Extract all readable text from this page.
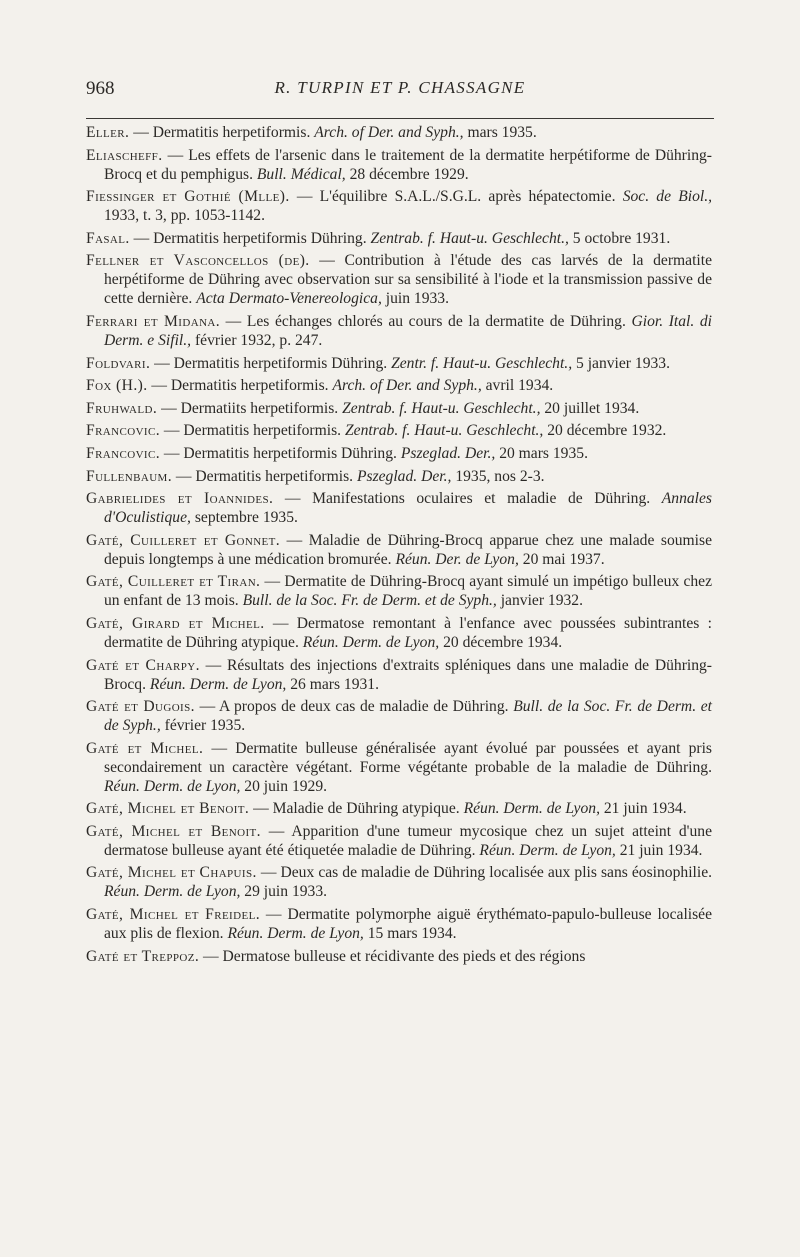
968	R. TURPIN ET P. CHASSAGNE

Eller. — Dermatitis herpetiformis. Arch. of Der. and Syph., mars 1935.

Eliascheff. — Les effets de l'arsenic dans le traitement de la dermatite herpétiforme de Dühring-Brocq et du pemphigus. Bull. Médical, 28 décembre 1929.

Fiessinger et Gothié (Mlle). — L'équilibre S.A.L./S.G.L. après hépatectomie. Soc. de Biol., 1933, t. 3, pp. 1053-1142.

Fasal. — Dermatitis herpetiformis Dühring. Zentrab. f. Haut-u. Geschlecht., 5 octobre 1931.

Fellner et Vasconcellos (de). — Contribution à l'étude des cas larvés de la dermatite herpétiforme de Dühring avec observation sur sa sensibilité à l'iode et la transmission passive de cette dernière. Acta Dermato-Venereologica, juin 1933.

Ferrari et Midana. — Les échanges chlorés au cours de la dermatite de Dühring. Gior. Ital. di Derm. e Sifil., février 1932, p. 247.

Foldvari. — Dermatitis herpetiformis Dühring. Zentr. f. Haut-u. Geschlecht., 5 janvier 1933.

Fox (H.). — Dermatitis herpetiformis. Arch. of Der. and Syph., avril 1934.

Fruhwald. — Dermatiits herpetiformis. Zentrab. f. Haut-u. Geschlecht., 20 juillet 1934.

Francovic. — Dermatitis herpetiformis. Zentrab. f. Haut-u. Geschlecht., 20 décembre 1932.

Francovic. — Dermatitis herpetiformis Dühring. Pszeglad. Der., 20 mars 1935.

Fullenbaum. — Dermatitis herpetiformis. Pszeglad. Der., 1935, nos 2-3.

Gabrielides et Ioannides. — Manifestations oculaires et maladie de Dühring. Annales d'Oculistique, septembre 1935.

Gaté, Cuilleret et Gonnet. — Maladie de Dühring-Brocq apparue chez une malade soumise depuis longtemps à une médication bromurée. Réun. Der. de Lyon, 20 mai 1937.

Gaté, Cuilleret et Tiran. — Dermatite de Dühring-Brocq ayant simulé un impétigo bulleux chez un enfant de 13 mois. Bull. de la Soc. Fr. de Derm. et de Syph., janvier 1932.

Gaté, Girard et Michel. — Dermatose remontant à l'enfance avec poussées subintrantes : dermatite de Dühring atypique. Réun. Derm. de Lyon, 20 décembre 1934.

Gaté et Charpy. — Résultats des injections d'extraits spléniques dans une maladie de Dühring-Brocq. Réun. Derm. de Lyon, 26 mars 1931.

Gaté et Dugois. — A propos de deux cas de maladie de Dühring. Bull. de la Soc. Fr. de Derm. et de Syph., février 1935.

Gaté et Michel. — Dermatite bulleuse généralisée ayant évolué par poussées et ayant pris secondairement un caractère végétant. Forme végétante probable de la maladie de Dühring. Réun. Derm. de Lyon, 20 juin 1929.

Gaté, Michel et Benoit. — Maladie de Dühring atypique. Réun. Derm. de Lyon, 21 juin 1934.

Gaté, Michel et Benoit. — Apparition d'une tumeur mycosique chez un sujet atteint d'une dermatose bulleuse ayant été étiquetée maladie de Dühring. Réun. Derm. de Lyon, 21 juin 1934.

Gaté, Michel et Chapuis. — Deux cas de maladie de Dühring localisée aux plis sans éosinophilie. Réun. Derm. de Lyon, 29 juin 1933.

Gaté, Michel et Freidel. — Dermatite polymorphe aiguë érythémato-papulo-bulleuse localisée aux plis de flexion. Réun. Derm. de Lyon, 15 mars 1934.

Gaté et Treppoz. — Dermatose bulleuse et récidivante des pieds et des régions
